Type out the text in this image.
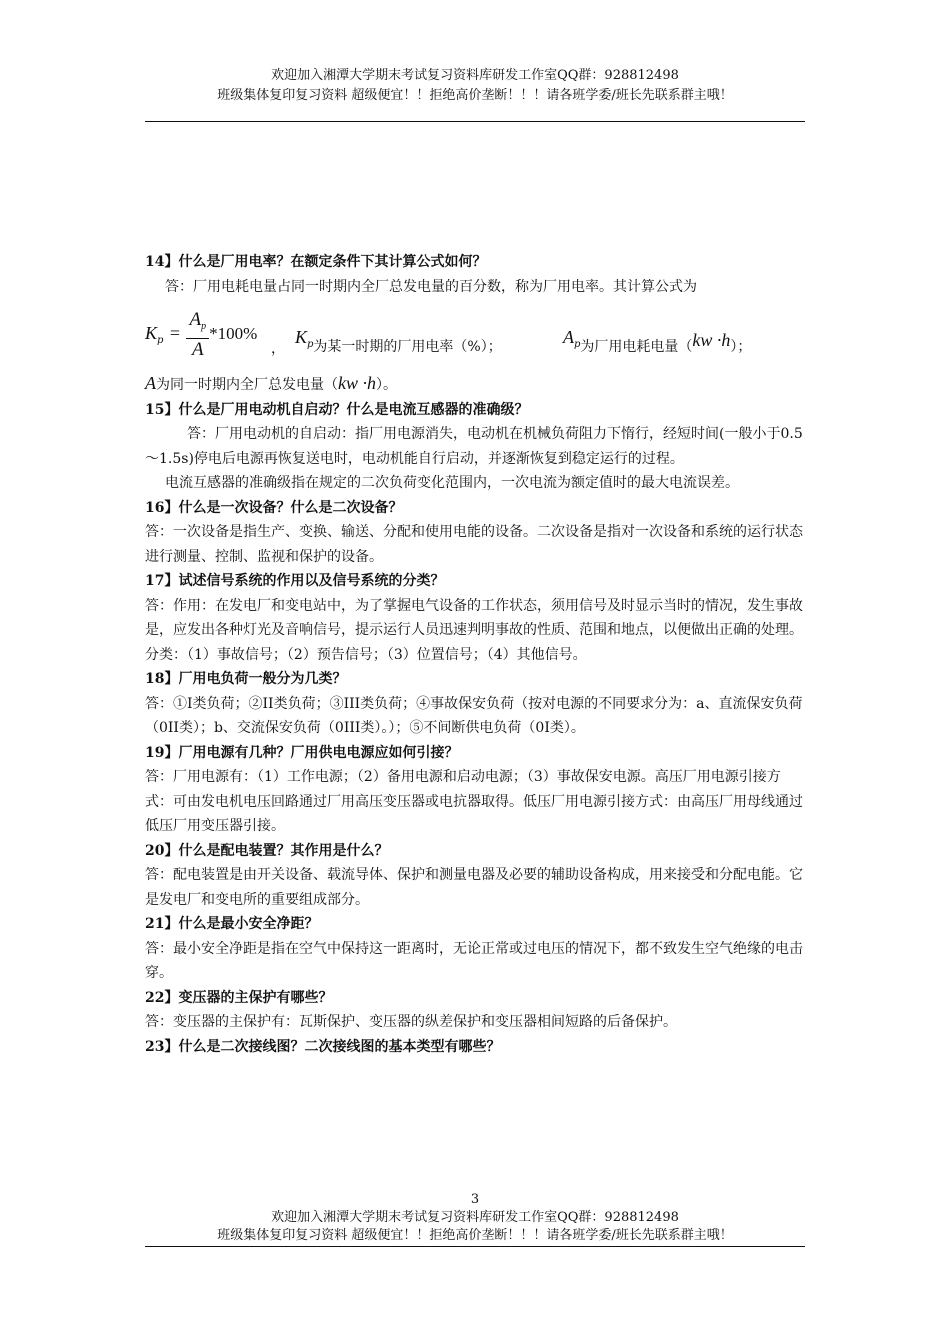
欢迎加入湘潭大学期末考试复习资料库研发工作室QQ群：928812498
班级集体复印复习资料 超级便宜！！拒绝高价垄断！！！请各班学委/班长先联系群主哦！

14】什么是厂用电率？在额定条件下其计算公式如何？

答：厂用电耗电量占同一时期内全厂总发电量的百分数，称为厂用电率。其计算公式为

$K_p = \frac{A_p}{A} *100\%$
，
$K_p$为某一时期的厂用电率（%）；	$A_p$为厂用电耗电量（kw ·h）；

A为同一时期内全厂总发电量（kw ·h）。

15】什么是厂用电动机自启动？什么是电流互感器的准确级？

答：厂用电动机的自启动：指厂用电源消失，电动机在机械负荷阻力下惰行，经短时间(一般小于0.5～1.5s)停电后电源再恢复送电时，电动机能自行启动，并逐渐恢复到稳定运行的过程。

电流互感器的准确级指在规定的二次负荷变化范围内，一次电流为额定值时的最大电流误差。

16】什么是一次设备？什么是二次设备？

答：一次设备是指生产、变换、输送、分配和使用电能的设备。二次设备是指对一次设备和系统的运行状态进行测量、控制、监视和保护的设备。

17】试述信号系统的作用以及信号系统的分类？

答：作用：在发电厂和变电站中，为了掌握电气设备的工作状态，须用信号及时显示当时的情况，发生事故是，应发出各种灯光及音响信号，提示运行人员迅速判明事故的性质、范围和地点，以便做出正确的处理。

分类：（1）事故信号；（2）预告信号；（3）位置信号；（4）其他信号。

18】厂用电负荷一般分为几类？

答：①I类负荷；②II类负荷；③III类负荷；④事故保安负荷（按对电源的不同要求分为：a、直流保安负荷（0II类）；b、交流保安负荷（0III类）。）；⑤不间断供电负荷（0I类）。

19】厂用电源有几种？厂用供电电源应如何引接？

答：厂用电源有：（1）工作电源；（2）备用电源和启动电源；（3）事故保安电源。高压厂用电源引接方式：可由发电机电压回路通过厂用高压变压器或电抗器取得。低压厂用电源引接方式：由高压厂用母线通过低压厂用变压器引接。

20】什么是配电装置？其作用是什么？

答：配电装置是由开关设备、载流导体、保护和测量电器及必要的辅助设备构成，用来接受和分配电能。它是发电厂和变电所的重要组成部分。

21】什么是最小安全净距？

答：最小安全净距是指在空气中保持这一距离时，无论正常或过电压的情况下，都不致发生空气绝缘的电击穿。

22】变压器的主保护有哪些？

答：变压器的主保护有：瓦斯保护、变压器的纵差保护和变压器相间短路的后备保护。

23】什么是二次接线图？二次接线图的基本类型有哪些？

3
欢迎加入湘潭大学期末考试复习资料库研发工作室QQ群：928812498
班级集体复印复习资料 超级便宜！！拒绝高价垄断！！！请各班学委/班长先联系群主哦！
